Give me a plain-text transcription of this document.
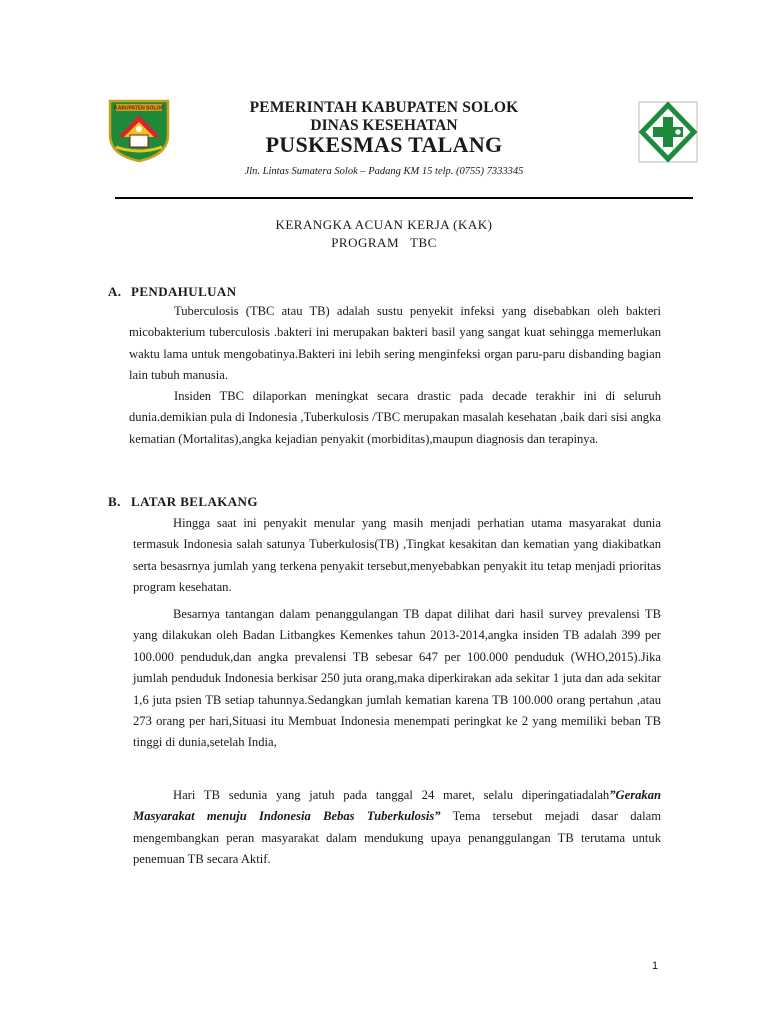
KABUPATEN SOLOK	PEMERINTAH KABUPATEN SOLOK
DINAS KESEHATAN
PUSKESMAS TALANG
Jln. Lintas Sumatera Solok – Padang KM 15 telp. (0755) 7333345
KERANGKA ACUAN KERJA (KAK)
PROGRAM   TBC
A. PENDAHULUAN
Tuberculosis (TBC atau TB) adalah sustu penyekit infeksi yang disebabkan oleh bakteri micobakterium tuberculosis .bakteri ini merupakan bakteri basil yang sangat kuat sehingga memerlukan waktu lama untuk mengobatinya.Bakteri ini lebih sering menginfeksi organ paru-paru disbanding bagian lain tubuh manusia.
Insiden TBC dilaporkan meningkat secara drastic pada decade terakhir ini di seluruh dunia.demikian pula di Indonesia ,Tuberkulosis /TBC merupakan masalah kesehatan ,baik dari sisi angka kematian (Mortalitas),angka kejadian penyakit (morbiditas),maupun diagnosis dan terapinya.
B. LATAR BELAKANG
Hingga saat ini penyakit menular yang masih menjadi perhatian utama masyarakat dunia termasuk Indonesia salah satunya Tuberkulosis(TB) ,Tingkat kesakitan dan kematian yang diakibatkan serta besasrnya jumlah yang terkena penyakit tersebut,menyebabkan penyakit itu tetap menjadi prioritas program kesehatan.
Besarnya tantangan dalam penanggulangan TB dapat dilihat dari hasil survey prevalensi TB yang dilakukan oleh Badan Litbangkes Kemenkes tahun 2013-2014,angka insiden TB adalah 399 per 100.000 penduduk,dan angka prevalensi TB sebesar 647 per 100.000 penduduk (WHO,2015).Jika jumlah penduduk Indonesia berkisar 250 juta orang,maka diperkirakan ada sekitar 1 juta dan ada sekitar 1,6 juta psien TB setiap tahunnya.Sedangkan jumlah kematian karena TB 100.000 orang pertahun ,atau 273 orang per hari,Situasi itu Membuat Indonesia menempati peringkat ke 2 yang memiliki beban TB tinggi di dunia,setelah India,
Hari TB sedunia yang jatuh pada tanggal 24 maret, selalu diperingatiadalah”Gerakan Masyarakat menuju Indonesia Bebas Tuberkulosis” Tema tersebut mejadi dasar dalam mengembangkan peran masyarakat dalam mendukung upaya penanggulangan TB terutama untuk penemuan TB secara Aktif.
1
